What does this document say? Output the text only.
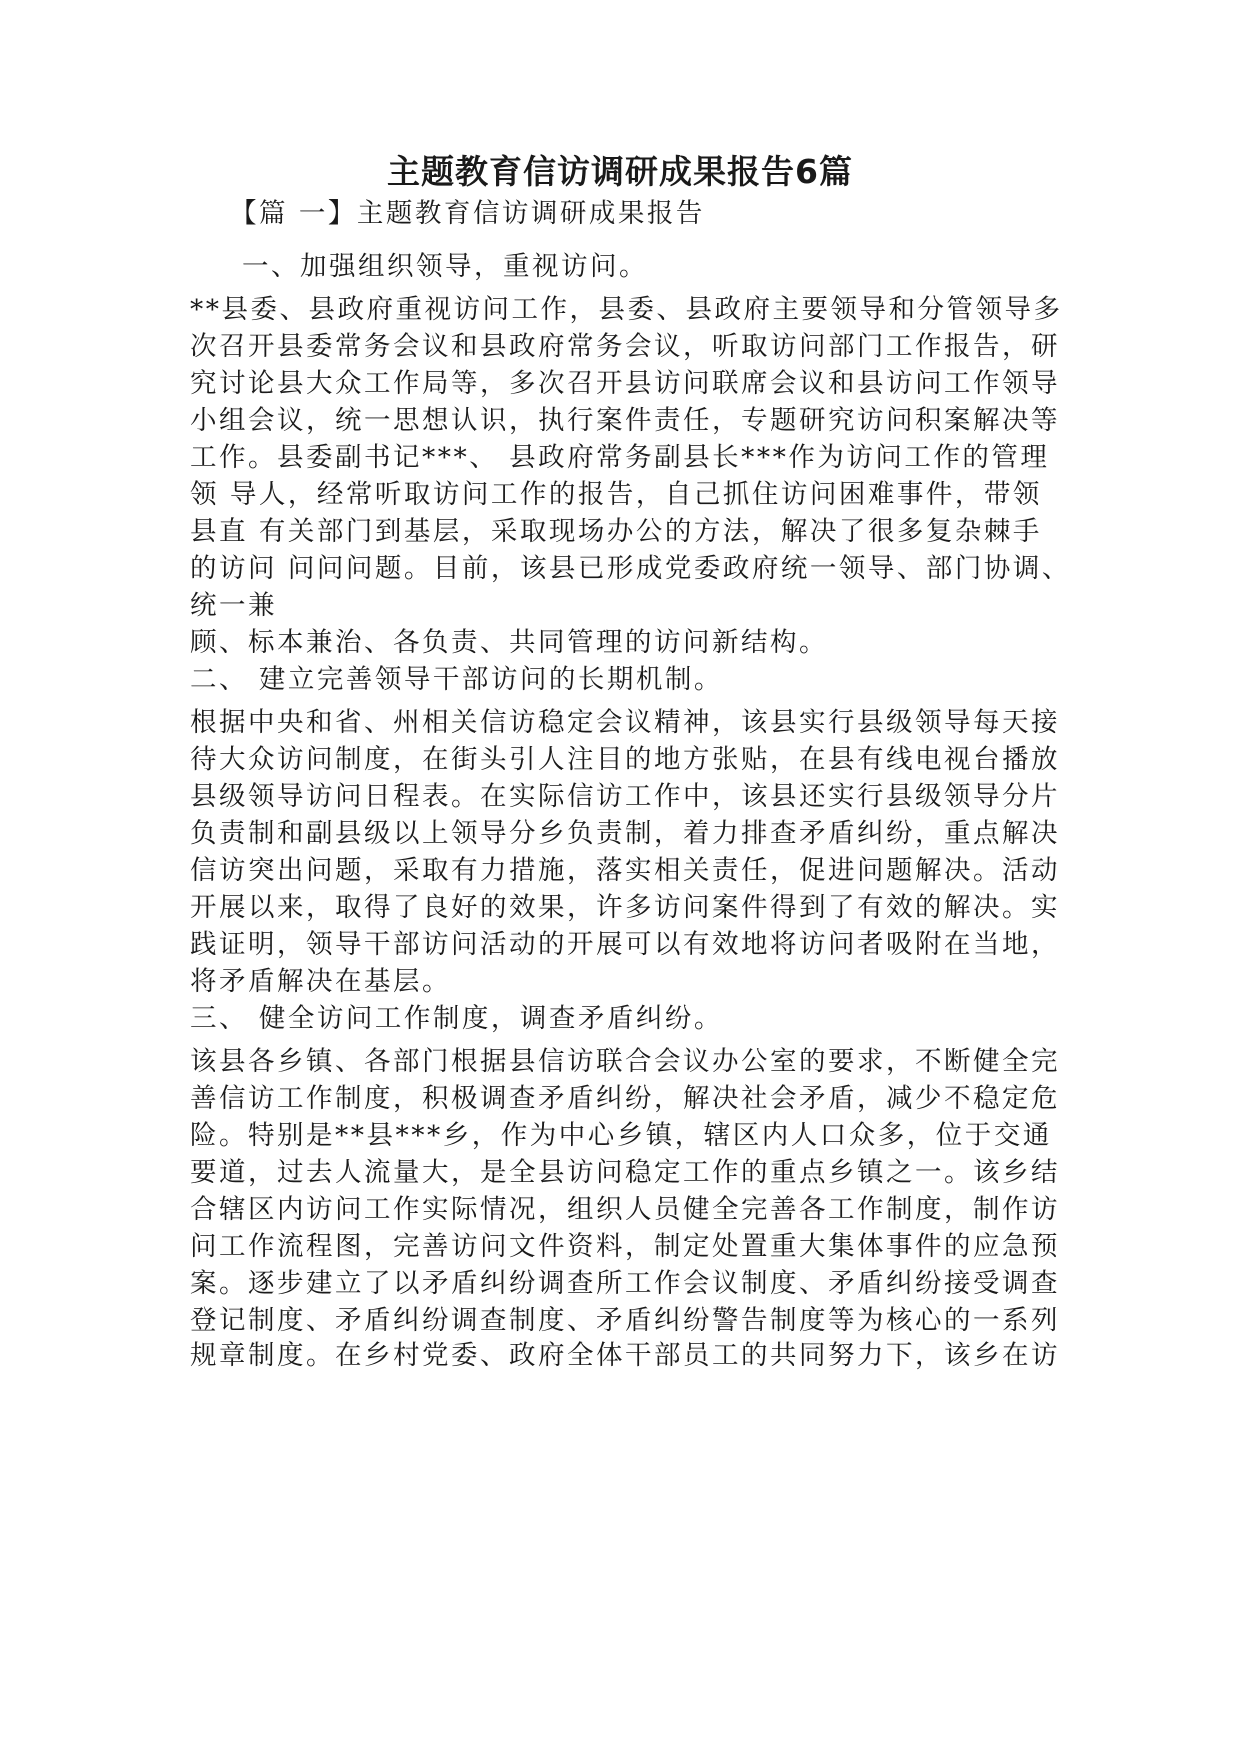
主题教育信访调研成果报告6篇
【篇 一】主题教育信访调研成果报告
一、加强组织领导，重视访问。
**县委、县政府重视访问工作，县委、县政府主要领导和分管领导多
次召开县委常务会议和县政府常务会议，听取访问部门工作报告，研
究讨论县大众工作局等，多次召开县访问联席会议和县访问工作领导
小组会议，统一思想认识，执行案件责任，专题研究访问积案解决等
工作。县委副书记***、 县政府常务副县长***作为访问工作的管理
领 导人，经常听取访问工作的报告，自己抓住访问困难事件，带领
县直 有关部门到基层，采取现场办公的方法，解决了很多复杂棘手
的访问 问问问题。目前，该县已形成党委政府统一领导、部门协调、
统一兼
顾、标本兼治、各负责、共同管理的访问新结构。
二、 建立完善领导干部访问的长期机制。
根据中央和省、州相关信访稳定会议精神，该县实行县级领导每天接
待大众访问制度，在街头引人注目的地方张贴，在县有线电视台播放
县级领导访问日程表。在实际信访工作中，该县还实行县级领导分片
负责制和副县级以上领导分乡负责制，着力排查矛盾纠纷，重点解决
信访突出问题，采取有力措施，落实相关责任，促进问题解决。活动
开展以来，取得了良好的效果，许多访问案件得到了有效的解决。实
践证明，领导干部访问活动的开展可以有效地将访问者吸附在当地，
将矛盾解决在基层。
三、 健全访问工作制度，调查矛盾纠纷。
该县各乡镇、各部门根据县信访联合会议办公室的要求，不断健全完
善信访工作制度，积极调查矛盾纠纷，解决社会矛盾，减少不稳定危
险。特别是**县***乡，作为中心乡镇，辖区内人口众多，位于交通
要道，过去人流量大，是全县访问稳定工作的重点乡镇之一。该乡结
合辖区内访问工作实际情况，组织人员健全完善各工作制度，制作访
问工作流程图，完善访问文件资料，制定处置重大集体事件的应急预
案。逐步建立了以矛盾纠纷调查所工作会议制度、矛盾纠纷接受调查
登记制度、矛盾纠纷调查制度、矛盾纠纷警告制度等为核心的一系列
规章制度。在乡村党委、政府全体干部员工的共同努力下，该乡在访
